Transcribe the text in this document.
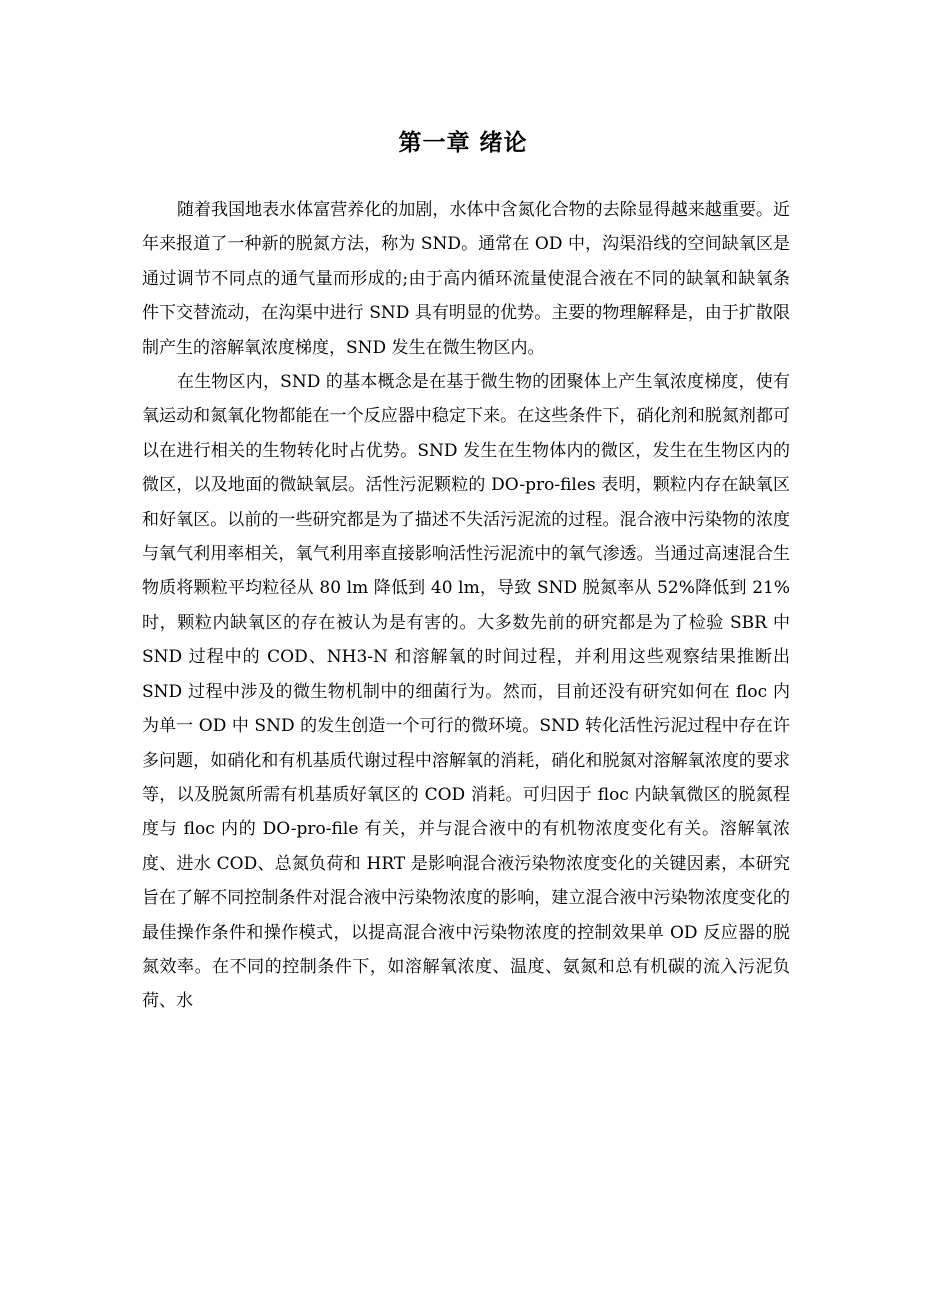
第一章 绪论

随着我国地表水体富营养化的加剧，水体中含氮化合物的去除显得越来越重要。近年来报道了一种新的脱氮方法，称为 SND。通常在 OD 中，沟渠沿线的空间缺氧区是通过调节不同点的通气量而形成的;由于高内循环流量使混合液在不同的缺氧和缺氧条件下交替流动，在沟渠中进行 SND 具有明显的优势。主要的物理解释是，由于扩散限制产生的溶解氧浓度梯度，SND 发生在微生物区内。

在生物区内，SND 的基本概念是在基于微生物的团聚体上产生氧浓度梯度，使有氧运动和氮氧化物都能在一个反应器中稳定下来。在这些条件下，硝化剂和脱氮剂都可以在进行相关的生物转化时占优势。SND 发生在生物体内的微区，发生在生物区内的微区，以及地面的微缺氧层。活性污泥颗粒的 DO-pro-files 表明，颗粒内存在缺氧区和好氧区。以前的一些研究都是为了描述不失活污泥流的过程。混合液中污染物的浓度与氧气利用率相关，氧气利用率直接影响活性污泥流中的氧气渗透。当通过高速混合生物质将颗粒平均粒径从 80 lm 降低到 40 lm，导致 SND 脱氮率从 52%降低到 21%时，颗粒内缺氧区的存在被认为是有害的。大多数先前的研究都是为了检验 SBR 中 SND 过程中的 COD、NH3-N 和溶解氧的时间过程，并利用这些观察结果推断出 SND 过程中涉及的微生物机制中的细菌行为。然而，目前还没有研究如何在 floc 内为单一 OD 中 SND 的发生创造一个可行的微环境。SND 转化活性污泥过程中存在许多问题，如硝化和有机基质代谢过程中溶解氧的消耗，硝化和脱氮对溶解氧浓度的要求等，以及脱氮所需有机基质好氧区的 COD 消耗。可归因于 floc 内缺氧微区的脱氮程度与 floc 内的 DO-pro-file 有关，并与混合液中的有机物浓度变化有关。溶解氧浓度、进水 COD、总氮负荷和 HRT 是影响混合液污染物浓度变化的关键因素，本研究旨在了解不同控制条件对混合液中污染物浓度的影响，建立混合液中污染物浓度变化的最佳操作条件和操作模式，以提高混合液中污染物浓度的控制效果单 OD 反应器的脱氮效率。在不同的控制条件下，如溶解氧浓度、温度、氨氮和总有机碳的流入污泥负荷、水
